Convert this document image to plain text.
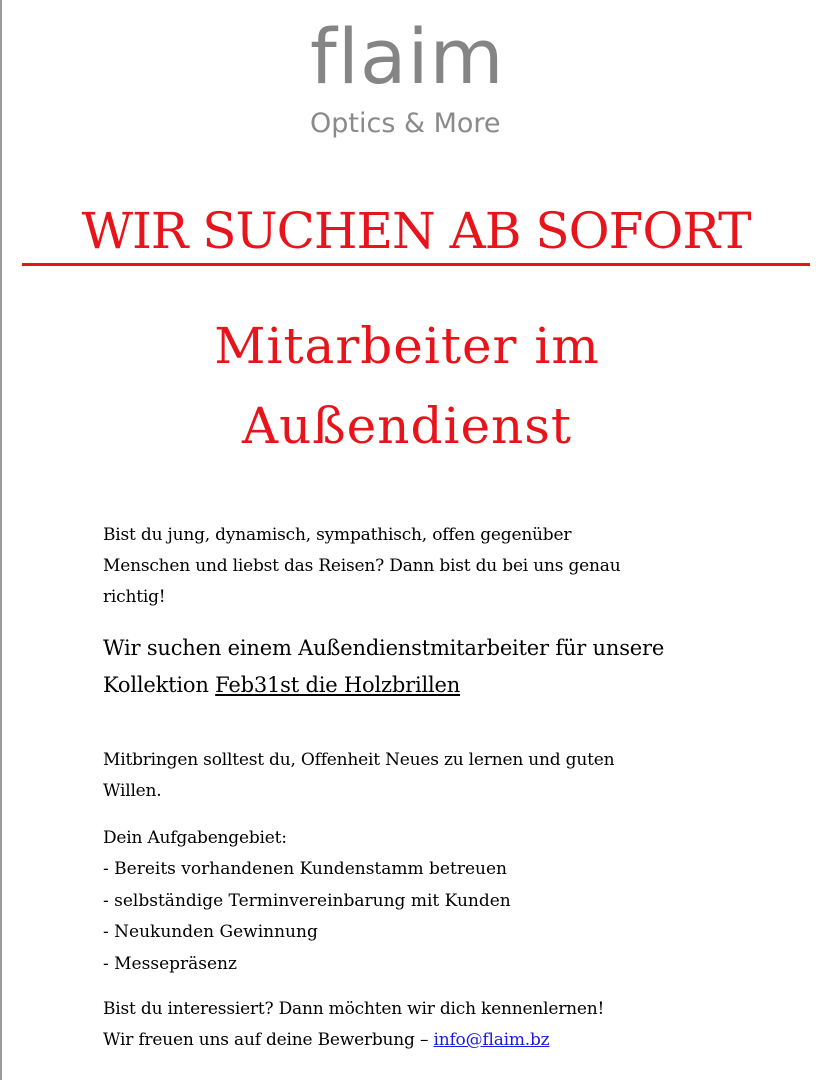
flaim
Optics & More
WIR SUCHEN AB SOFORT
Mitarbeiter im
Außendienst
Bist du jung, dynamisch, sympathisch, offen gegenüber
Menschen und liebst das Reisen? Dann bist du bei uns genau
richtig!
Wir suchen einem Außendienstmitarbeiter für unsere
Kollektion Feb31st die Holzbrillen
Mitbringen solltest du, Offenheit Neues zu lernen und guten
Willen.
Dein Aufgabengebiet:
- Bereits vorhandenen Kundenstamm betreuen
- selbständige Terminvereinbarung mit Kunden
- Neukunden Gewinnung
- Messepräsenz
Bist du interessiert? Dann möchten wir dich kennenlernen!
Wir freuen uns auf deine Bewerbung – info@flaim.bz
